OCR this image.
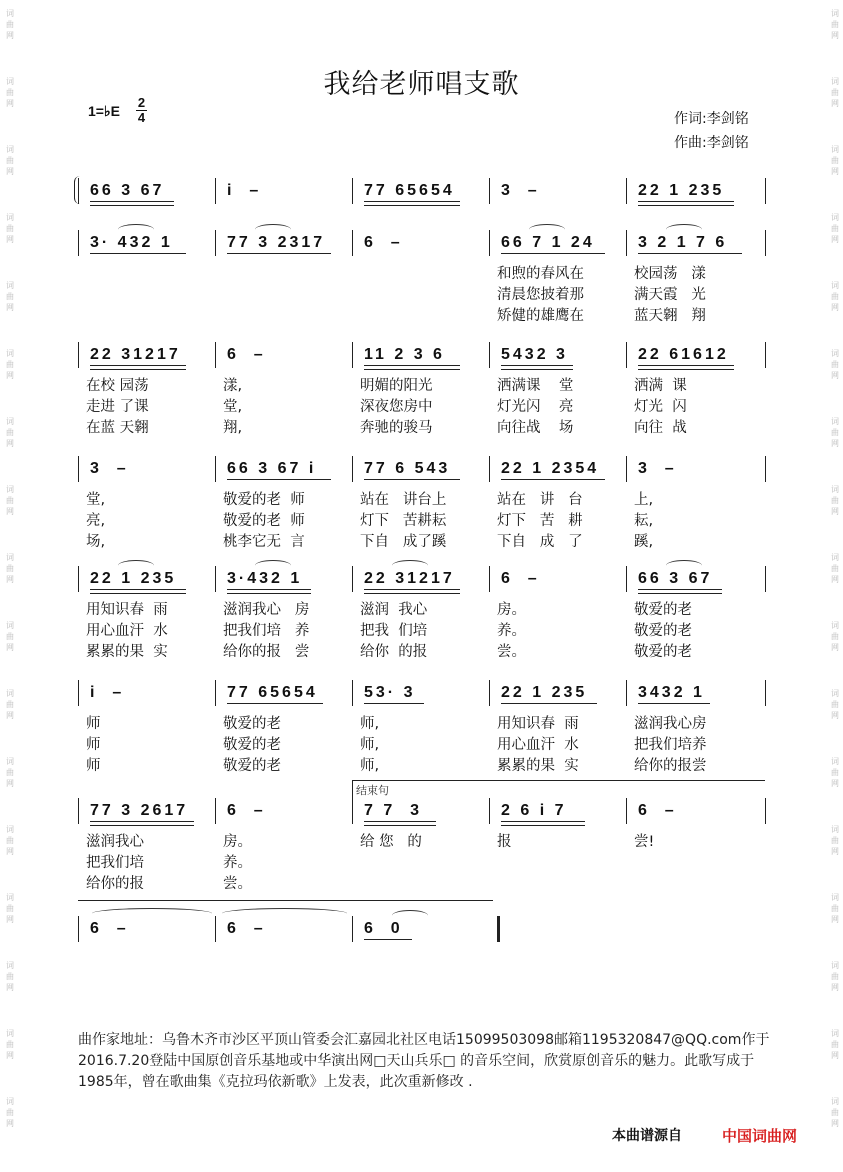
词
曲
网
词
曲
网
词
曲
网
词
曲
网
词
曲
网
词
曲
网
词
曲
网
词
曲
网
词
曲
网
词
曲
网
词
曲
网
词
曲
网
词
曲
网
词
曲
网
词
曲
网
词
曲
网
词
曲
网
词
曲
网
词
曲
网
词
曲
网
词
曲
网
词
曲
网
词
曲
网
词
曲
网
词
曲
网
词
曲
网
词
曲
网
词
曲
网
词
曲
网
词
曲
网
词
曲
网
词
曲
网
词
曲
网
词
曲
网
我给老师唱支歌
1=♭E
2
4	作词:李剑铭
作曲:李剑铭
66 3 67	i  –	77 65654	3  –	22 1 235
3· 432 1	77 3 2317 6  –	66 7 1 24	3 2 1 7 6
和煦的春风在	校园荡   漾
清晨您披着那	满天霞   光
矫健的雄鹰在	蓝天翱   翔
22 31217	6  –	11 2 3 6	5432 3	22 61612
在校 园荡	漾,	明媚的阳光	洒满课    堂	洒满  课
走进 了课	堂,	深夜您房中	灯光闪    亮	灯光  闪
在蓝 天翱	翔,	奔驰的骏马	向往战    场	向往  战
3  –	66 3 67 i	77 6 543	22 1 2354 3  –
堂,	敬爱的老  师	站在   讲台上	站在   讲   台	上,
亮,	敬爱的老  师	灯下   苦耕耘	灯下   苦   耕	耘,
场,	桃李它无  言	下自   成了蹊	下自   成   了	蹊,
22 1 235	3·432 1	22 31217	6  –	66 3 67
用知识春  雨	滋润我心   房	滋润  我心	房。	敬爱的老
用心血汗  水	把我们培   养	把我  们培	养。	敬爱的老
累累的果  实	给你的报   尝	给你  的报	尝。	敬爱的老
i  –	77 65654	53· 3	22 1 235	3432 1
师	敬爱的老	师,	用知识春  雨	滋润我心房
师	敬爱的老	师,	用心血汗  水	把我们培养
师	敬爱的老	师,	累累的果  实	给你的报尝
77 3 2617 6  –	7 7  3	2 6 i 7	6  –
滋润我心	房。	给 您   的	报	尝!
把我们培	养。
给你的报	尝。
6  –	6  –	6  0
结束句
曲作家地址：乌鲁木齐市沙区平顶山管委会汇嘉园北社区电话15099503098邮箱1195320847@QQ.com作于2016.7.20登陆中国原创音乐基地或中华演出网□天山兵乐□ 的音乐空间，欣赏原创音乐的魅力。此歌写成于1985年，曾在歌曲集《克拉玛依新歌》上发表，此次重新修改 .
本曲谱源自	中国词曲网
